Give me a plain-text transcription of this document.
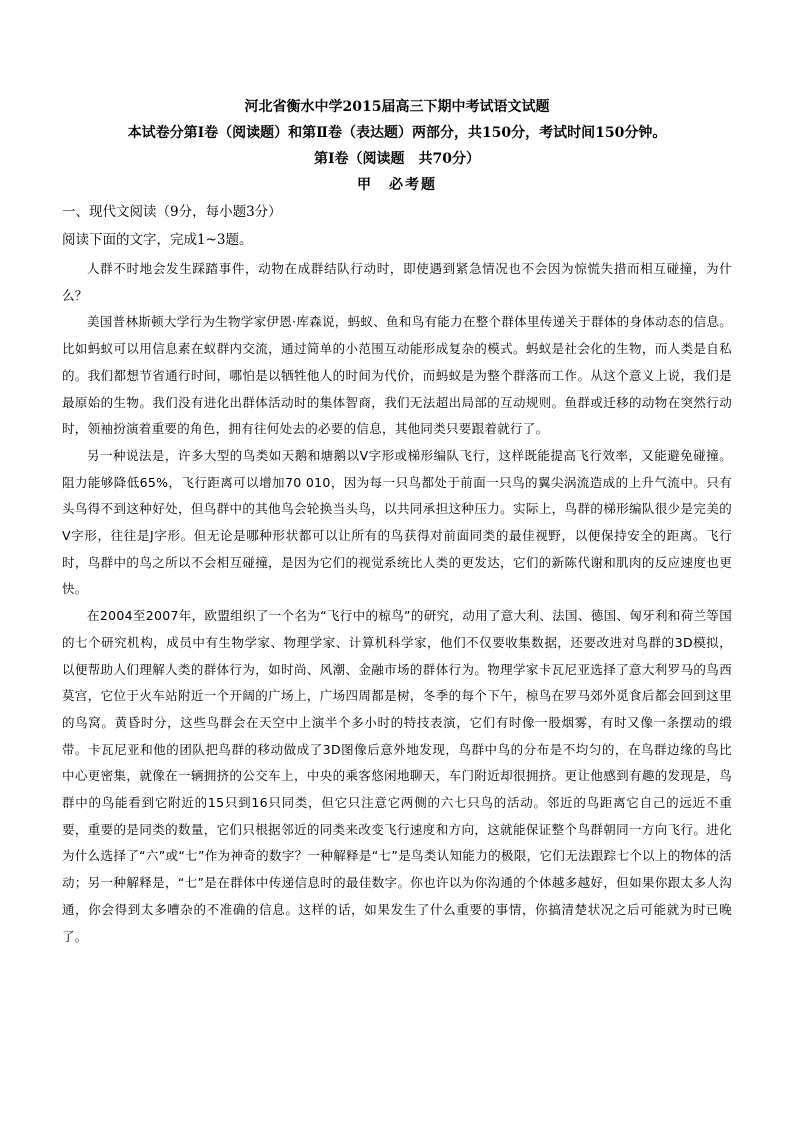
河北省衡水中学2015届高三下期中考试语文试题
本试卷分第Ⅰ卷（阅读题）和第Ⅱ卷（表达题）两部分，共150分，考试时间150分钟。
第Ⅰ卷（阅读题　共70分）
甲　必考题
一、现代文阅读（9分，每小题3分）
阅读下面的文字，完成1~3题。

人群不时地会发生踩踏事件，动物在成群结队行动时，即使遇到紧急情况也不会因为惊慌失措而相互碰撞，为什么？

美国普林斯顿大学行为生物学家伊恩·库森说，蚂蚁、鱼和鸟有能力在整个群体里传递关于群体的身体动态的信息。比如蚂蚁可以用信息素在蚁群内交流，通过简单的小范围互动能形成复杂的模式。蚂蚁是社会化的生物，而人类是自私的。我们都想节省通行时间，哪怕是以牺牲他人的时间为代价，而蚂蚁是为整个群落而工作。从这个意义上说，我们是最原始的生物。我们没有进化出群体活动时的集体智商，我们无法超出局部的互动规则。鱼群或迁移的动物在突然行动时，领袖扮演着重要的角色，拥有往何处去的必要的信息，其他同类只要跟着就行了。

另一种说法是，许多大型的鸟类如天鹅和塘鹅以V字形或梯形编队飞行，这样既能提高飞行效率，又能避免碰撞。阻力能够降低65%，飞行距离可以增加70 010，因为每一只鸟都处于前面一只鸟的翼尖涡流造成的上升气流中。只有头鸟得不到这种好处，但鸟群中的其他鸟会轮换当头鸟，以共同承担这种压力。实际上，鸟群的梯形编队很少是完美的V字形，往往是J字形。但无论是哪种形状都可以让所有的鸟获得对前面同类的最佳视野，以便保持安全的距离。飞行时，鸟群中的鸟之所以不会相互碰撞，是因为它们的视觉系统比人类的更发达，它们的新陈代谢和肌肉的反应速度也更快。

在2004至2007年，欧盟组织了一个名为“飞行中的椋鸟”的研究，动用了意大利、法国、德国、匈牙利和荷兰等国的七个研究机构，成员中有生物学家、物理学家、计算机科学家，他们不仅要收集数据，还要改进对鸟群的3D模拟，以便帮助人们理解人类的群体行为，如时尚、风潮、金融市场的群体行为。物理学家卡瓦尼亚选择了意大利罗马的鸟西莫宫，它位于火车站附近一个开阔的广场上，广场四周都是树，冬季的每个下午，椋鸟在罗马郊外觅食后都会回到这里的鸟窝。黄昏时分，这些鸟群会在天空中上演半个多小时的特技表演，它们有时像一股烟雾，有时又像一条摆动的缎带。卡瓦尼亚和他的团队把鸟群的移动做成了3D图像后意外地发现，鸟群中鸟的分布是不均匀的，在鸟群边缘的鸟比中心更密集，就像在一辆拥挤的公交车上，中央的乘客悠闲地聊天，车门附近却很拥挤。更让他感到有趣的发现是，鸟群中的鸟能看到它附近的15只到16只同类，但它只注意它两侧的六七只鸟的活动。邻近的鸟距离它自己的远近不重要，重要的是同类的数量，它们只根据邻近的同类来改变飞行速度和方向，这就能保证整个鸟群朝同一方向飞行。进化为什么选择了“六”或“七”作为神奇的数字？一种解释是“七”是鸟类认知能力的极限，它们无法跟踪七个以上的物体的活动；另一种解释是，“七”是在群体中传递信息时的最佳数字。你也许以为你沟通的个体越多越好，但如果你跟太多人沟通，你会得到太多嘈杂的不准确的信息。这样的话，如果发生了什么重要的事情，你搞清楚状况之后可能就为时已晚了。
